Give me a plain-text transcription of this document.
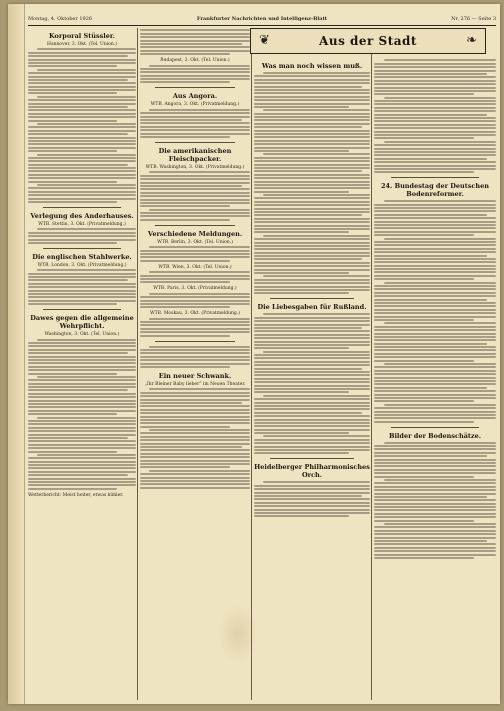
Montag, 4. Oktober 1926	Frankfurter Nachrichten und Intelligenz-Blatt	Nr. 276 — Seite 3
Korporal Stüssler.
Hannover, 3. Okt. (Tel. Union.)
Verlegung des Anderhauses.
WTB. Stettin, 3. Okt. (Privatmeldung.)
Die englischen Stahlwerke.
WTB. London, 3. Okt. (Privatmeldung.)
Dawes gegen die allgemeine Wehrpflicht.
Washington, 3. Okt. (Tel. Union.)
Wetterbericht: Meist heiter, etwas kühler.
Budapest, 3. Okt. (Tel. Union.)
Aus Angora.
WTB. Angora, 3. Okt. (Privatmeldung.)
Die amerikanischen Fleischpacker.
WTB. Washington, 3. Okt. (Privatmeldung.)
Verschiedene Meldungen.
WTB. Berlin, 3. Okt. (Tel. Union.)
WTB. Wien, 3. Okt. (Tel. Union.)
WTB. Paris, 3. Okt. (Privatmeldung.)
WTB. Moskau, 3. Okt. (Privatmeldung.)
Ein neuer Schwank.
„Ihr Bleiner Baby lieber“ im Neuen Theater.
❦	Aus der Stadt	❧
Was man noch wissen muß.
Die Liebesgaben für Rußland.
Heidelberger Philharmonisches Orch.
24. Bundestag der Deutschen Bodenreformer.
Bilder der Bodenschätze.
